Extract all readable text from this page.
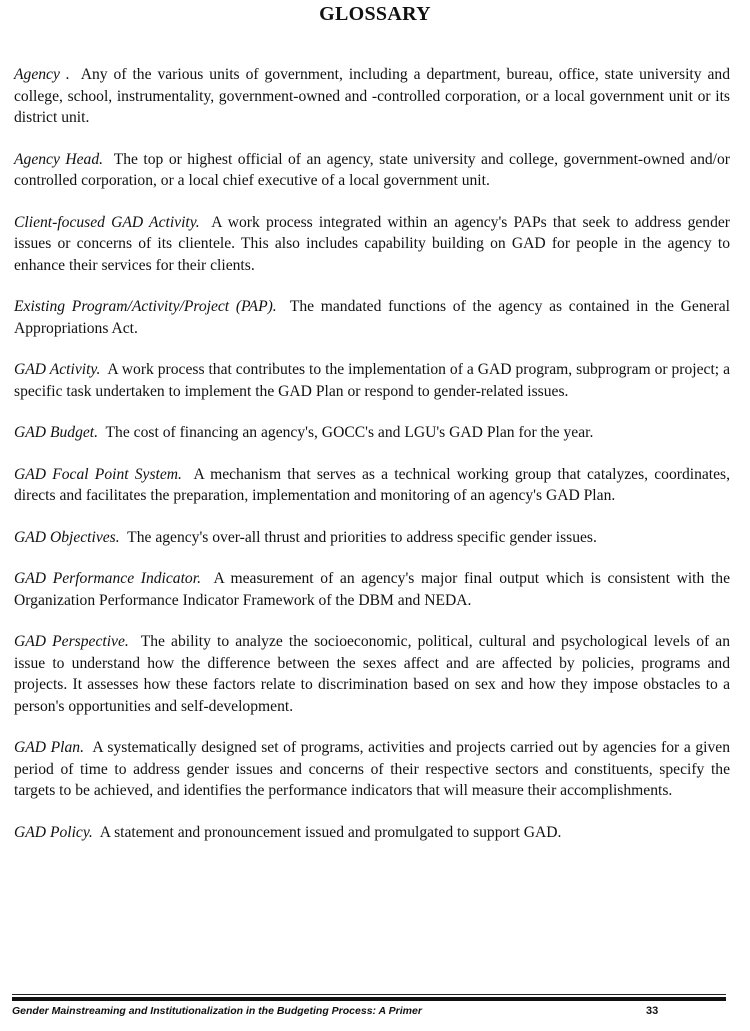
GLOSSARY

Agency . Any of the various units of government, including a department, bureau, office, state university and college, school, instrumentality, government-owned and -controlled corporation, or a local government unit or its district unit.

Agency Head. The top or highest official of an agency, state university and college, government-owned and/or controlled corporation, or a local chief executive of a local government unit.

Client-focused GAD Activity. A work process integrated within an agency's PAPs that seek to address gender issues or concerns of its clientele. This also includes capability building on GAD for people in the agency to enhance their services for their clients.

Existing Program/Activity/Project (PAP). The mandated functions of the agency as contained in the General Appropriations Act.

GAD Activity. A work process that contributes to the implementation of a GAD program, subprogram or project; a specific task undertaken to implement the GAD Plan or respond to gender-related issues.

GAD Budget. The cost of financing an agency's, GOCC's and LGU's GAD Plan for the year.

GAD Focal Point System. A mechanism that serves as a technical working group that catalyzes, coordinates, directs and facilitates the preparation, implementation and monitoring of an agency's GAD Plan.

GAD Objectives. The agency's over-all thrust and priorities to address specific gender issues.

GAD Performance Indicator. A measurement of an agency's major final output which is consistent with the Organization Performance Indicator Framework of the DBM and NEDA.

GAD Perspective. The ability to analyze the socioeconomic, political, cultural and psychological levels of an issue to understand how the difference between the sexes affect and are affected by policies, programs and projects. It assesses how these factors relate to discrimination based on sex and how they impose obstacles to a person's opportunities and self-development.

GAD Plan. A systematically designed set of programs, activities and projects carried out by agencies for a given period of time to address gender issues and concerns of their respective sectors and constituents, specify the targets to be achieved, and identifies the performance indicators that will measure their accomplishments.

GAD Policy. A statement and pronouncement issued and promulgated to support GAD.

Gender Mainstreaming and Institutionalization in the Budgeting Process: A Primer	33
